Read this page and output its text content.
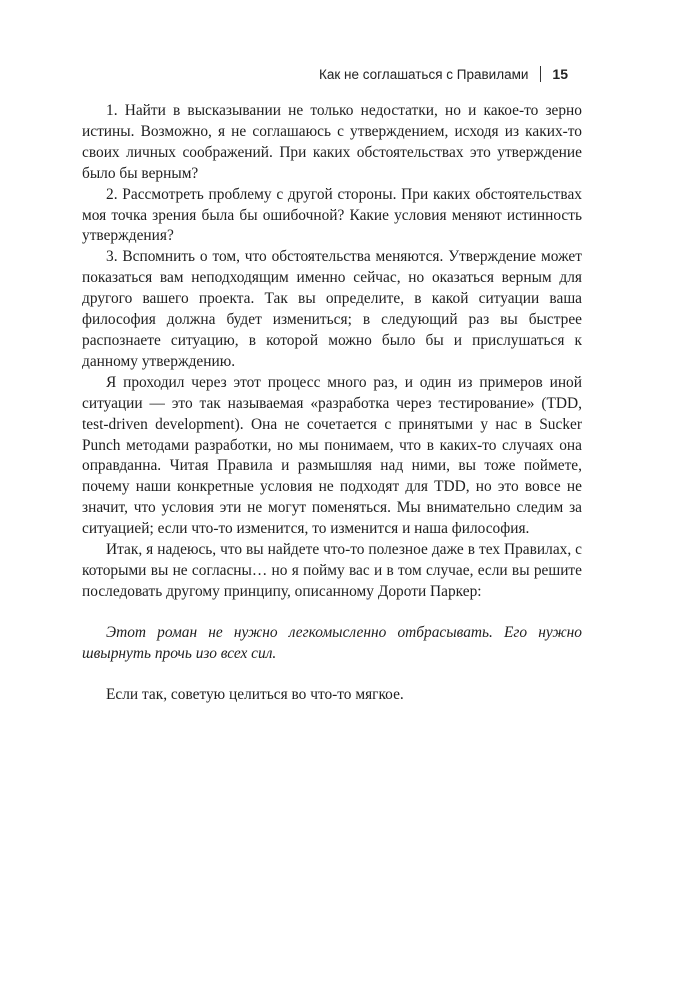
Как не соглашаться с Правилами 15

1. Найти в высказывании не только недостатки, но и какое-то зерно истины. Возможно, я не соглашаюсь с утверждением, исходя из каких-то своих личных соображений. При каких обстоятельствах это утверждение было бы верным?

2. Рассмотреть проблему с другой стороны. При каких обстоятельствах моя точка зрения была бы ошибочной? Какие условия меняют истинность утверждения?

3. Вспомнить о том, что обстоятельства меняются. Утверждение может показаться вам неподходящим именно сейчас, но оказаться верным для другого вашего проекта. Так вы определите, в какой ситуации ваша философия должна будет измениться; в следующий раз вы быстрее распознаете ситуацию, в которой можно было бы и прислушаться к данному утверждению.

Я проходил через этот процесс много раз, и один из примеров иной ситуации — это так называемая «разработка через тестирование» (TDD, test-driven development). Она не сочетается с принятыми у нас в Sucker Punch методами разработки, но мы понимаем, что в каких-то случаях она оправданна. Читая Правила и размышляя над ними, вы тоже поймете, почему наши конкретные условия не подходят для TDD, но это вовсе не значит, что условия эти не могут поменяться. Мы внимательно следим за ситуацией; если что-то изменится, то изменится и наша философия.

Итак, я надеюсь, что вы найдете что-то полезное даже в тех Правилах, с которыми вы не согласны… но я пойму вас и в том случае, если вы решите последовать другому принципу, описанному Дороти Паркер:

Этот роман не нужно легкомысленно отбрасывать. Его нужно швырнуть прочь изо всех сил.

Если так, советую целиться во что-то мягкое.
